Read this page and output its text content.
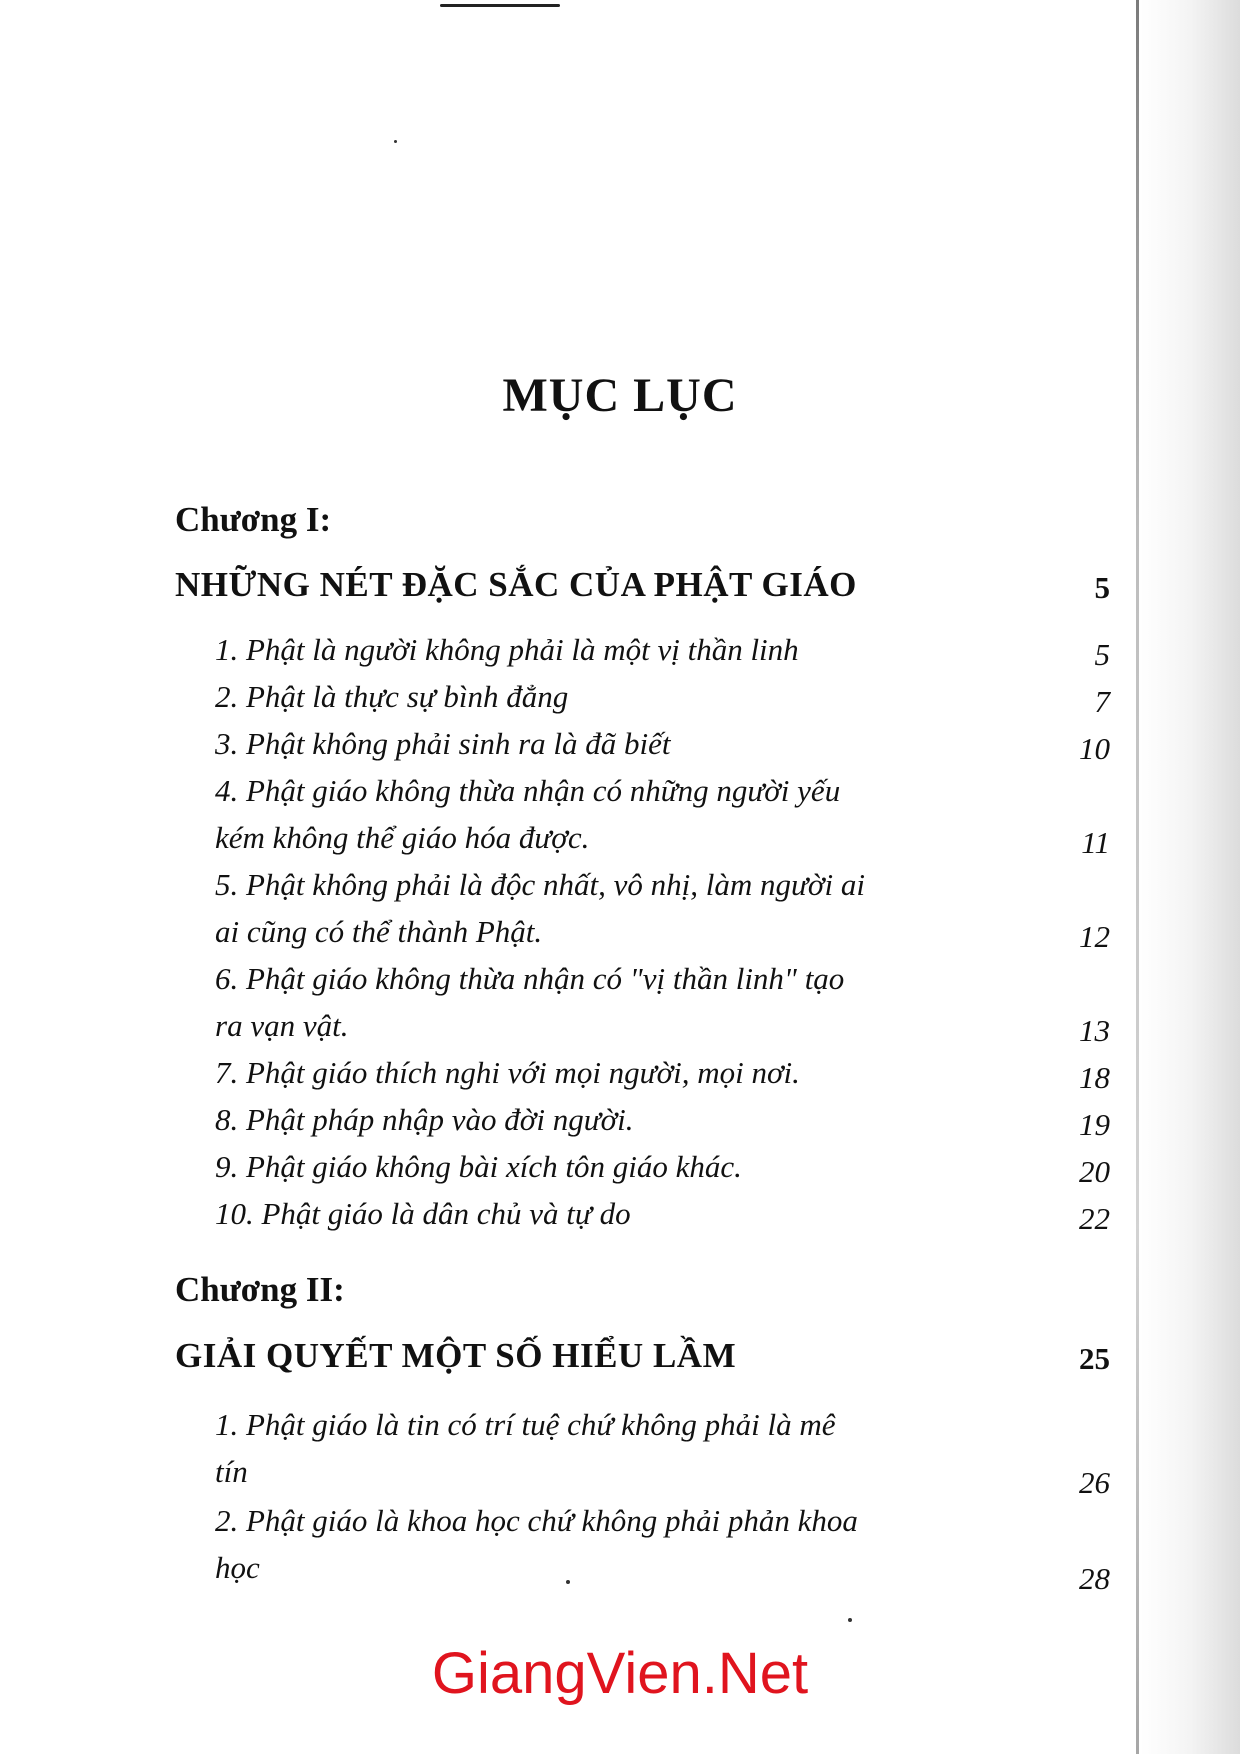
MỤC LỤC
Chương I:
NHỮNG NÉT ĐẶC SẮC CỦA PHẬT GIÁO	5
1. Phật là người không phải là một vị thần linh	5
2. Phật là thực sự bình đẳng	7
3. Phật không phải sinh ra là đã biết	10
4. Phật giáo không thừa nhận có những người yếu
kém không thể giáo hóa được.	11
5. Phật không phải là độc nhất, vô nhị, làm người ai
ai cũng có thể thành Phật.	12
6. Phật giáo không thừa nhận có "vị thần linh" tạo
ra vạn vật.	13
7. Phật giáo thích nghi với mọi người, mọi nơi.	18
8. Phật pháp nhập vào đời người.	19
9. Phật giáo không bài xích tôn giáo khác.	20
10. Phật giáo là dân chủ và tự do	22
Chương II:
GIẢI QUYẾT MỘT SỐ HIỂU LẦM	25
1. Phật giáo là tin có trí tuệ chứ không phải là mê
tín	26
2. Phật giáo là khoa học chứ không phải phản khoa
học	28
GiangVien.Net
